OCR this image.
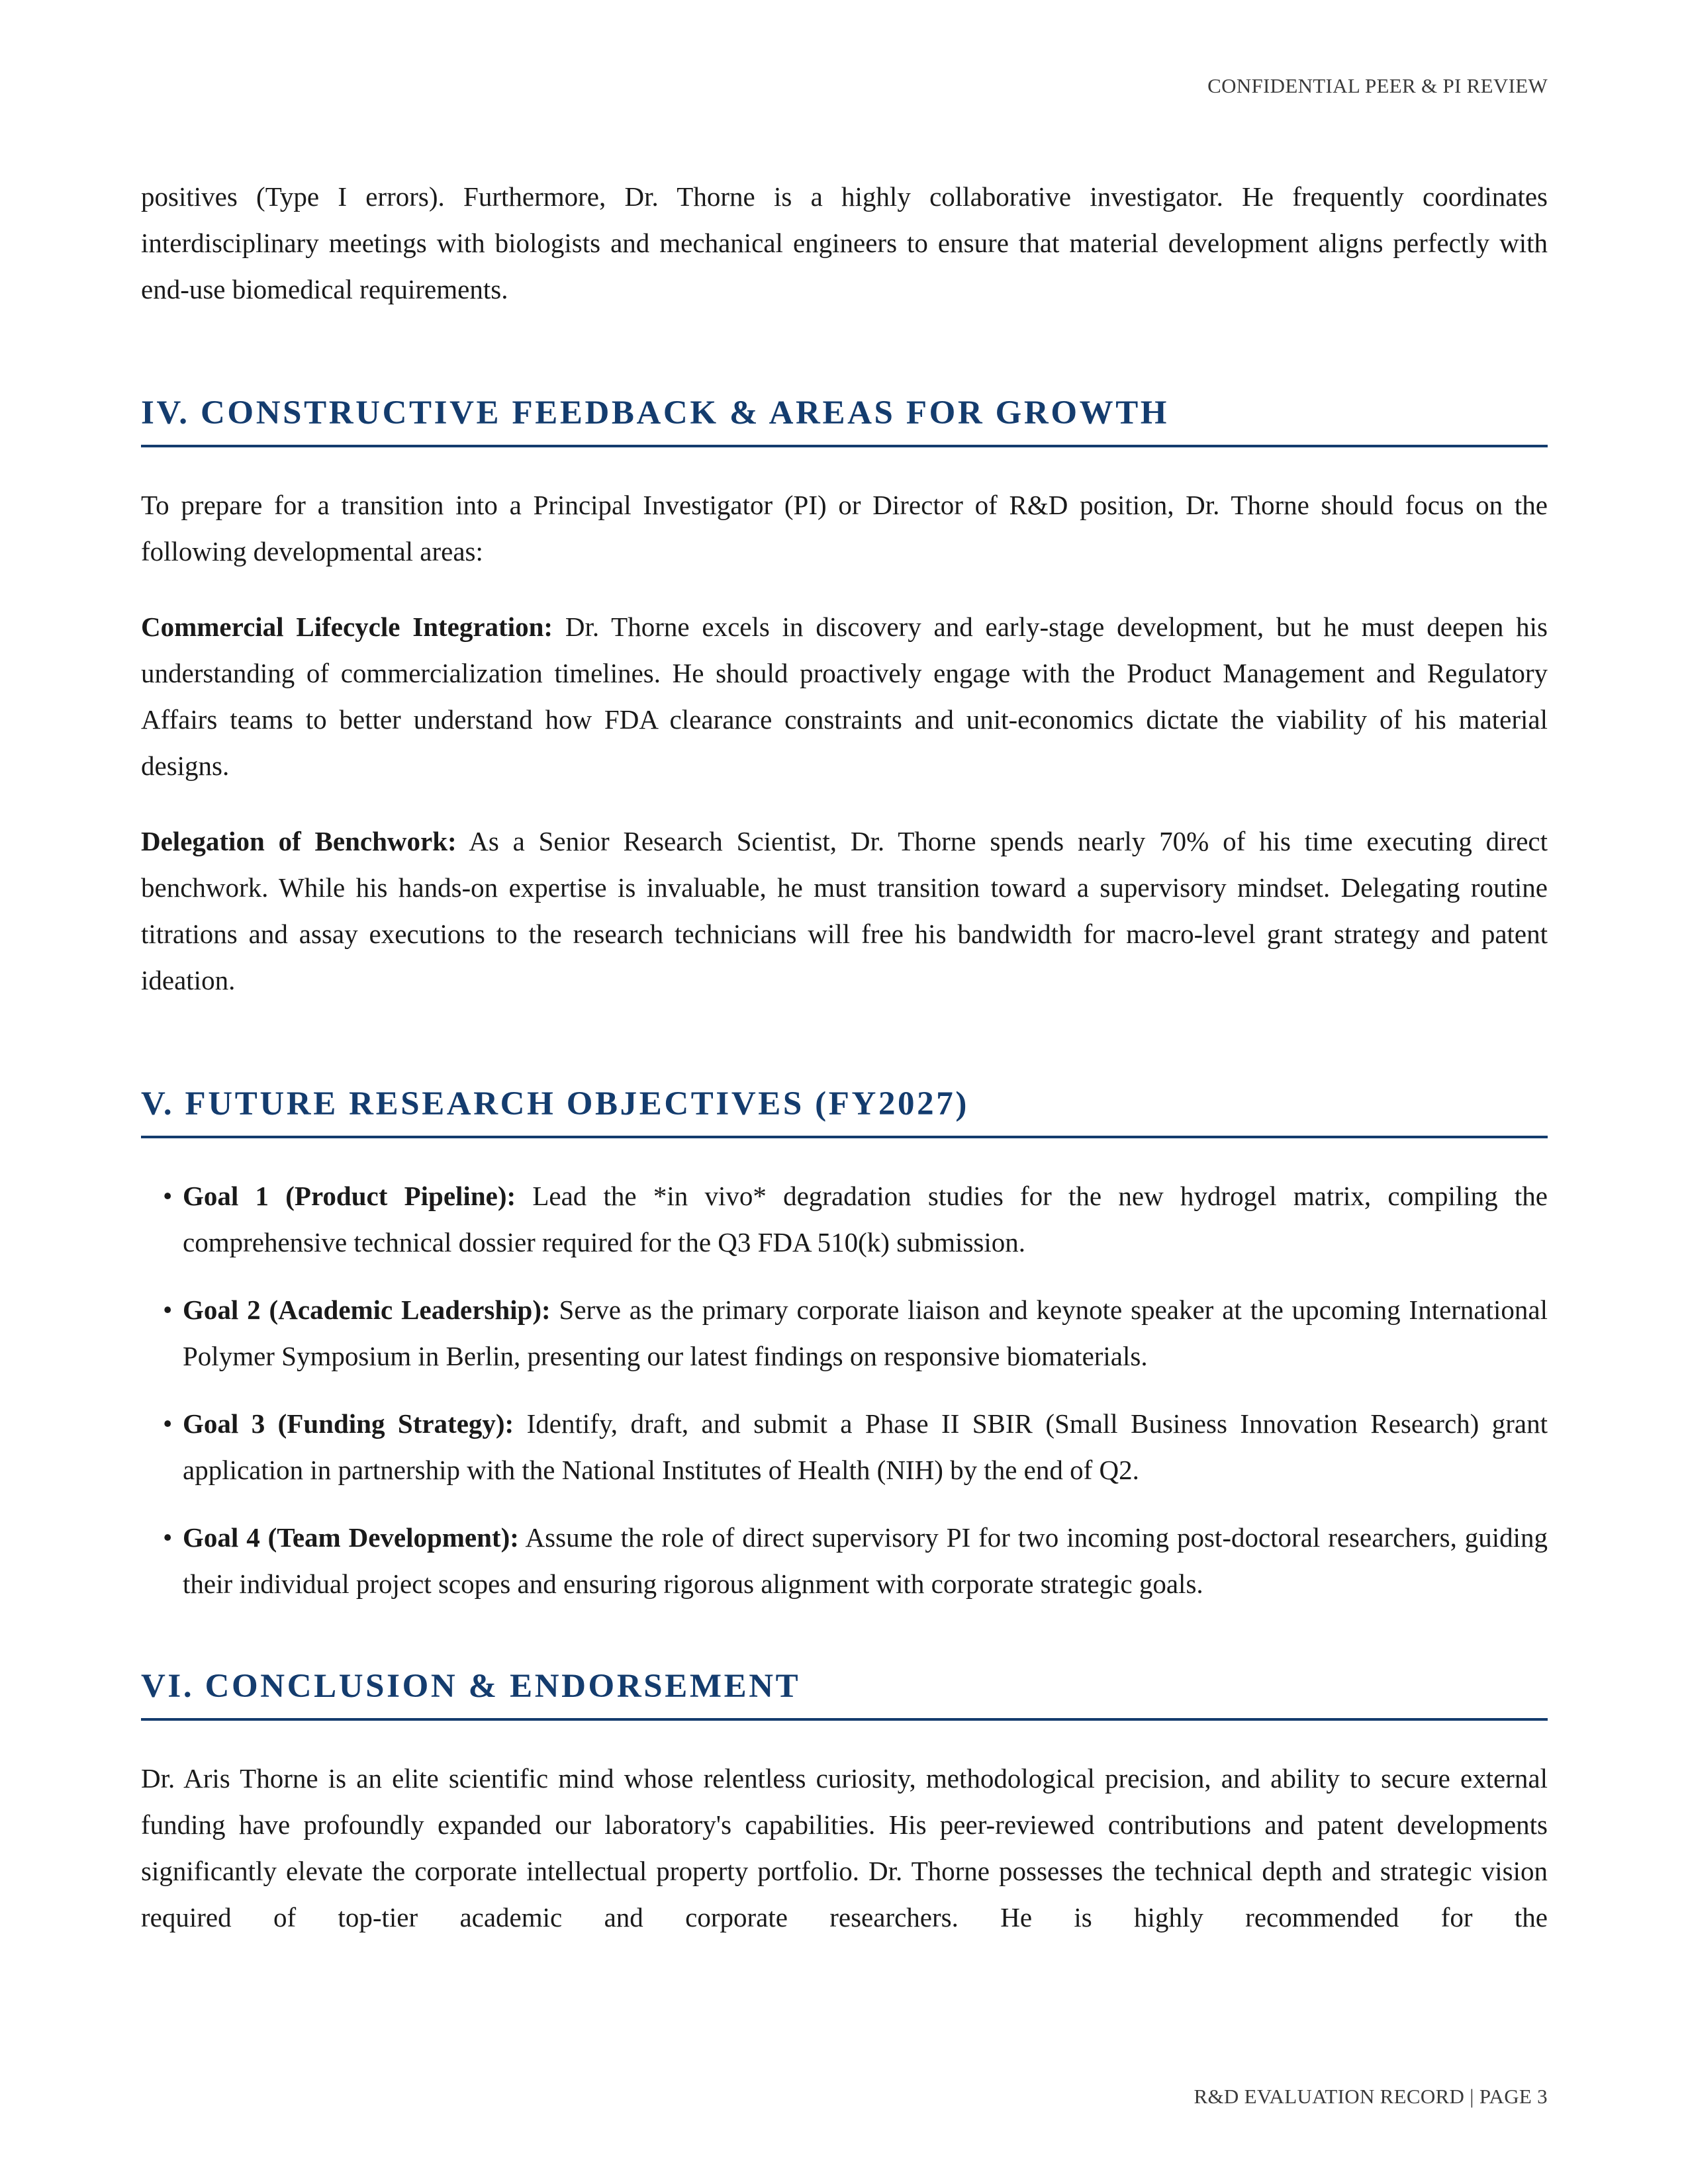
CONFIDENTIAL PEER & PI REVIEW

positives (Type I errors). Furthermore, Dr. Thorne is a highly collaborative investigator. He frequently coordinates interdisciplinary meetings with biologists and mechanical engineers to ensure that material development aligns perfectly with end-use biomedical requirements.

IV. CONSTRUCTIVE FEEDBACK & AREAS FOR GROWTH

To prepare for a transition into a Principal Investigator (PI) or Director of R&D position, Dr. Thorne should focus on the following developmental areas:

Commercial Lifecycle Integration: Dr. Thorne excels in discovery and early-stage development, but he must deepen his understanding of commercialization timelines. He should proactively engage with the Product Management and Regulatory Affairs teams to better understand how FDA clearance constraints and unit-economics dictate the viability of his material designs.

Delegation of Benchwork: As a Senior Research Scientist, Dr. Thorne spends nearly 70% of his time executing direct benchwork. While his hands-on expertise is invaluable, he must transition toward a supervisory mindset. Delegating routine titrations and assay executions to the research technicians will free his bandwidth for macro-level grant strategy and patent ideation.

V. FUTURE RESEARCH OBJECTIVES (FY2027)
• Goal 1 (Product Pipeline): Lead the *in vivo* degradation studies for the new hydrogel matrix, compiling the comprehensive technical dossier required for the Q3 FDA 510(k) submission.
• Goal 2 (Academic Leadership): Serve as the primary corporate liaison and keynote speaker at the upcoming International Polymer Symposium in Berlin, presenting our latest findings on responsive biomaterials.
• Goal 3 (Funding Strategy): Identify, draft, and submit a Phase II SBIR (Small Business Innovation Research) grant application in partnership with the National Institutes of Health (NIH) by the end of Q2.
• Goal 4 (Team Development): Assume the role of direct supervisory PI for two incoming post-doctoral researchers, guiding their individual project scopes and ensuring rigorous alignment with corporate strategic goals.
VI. CONCLUSION & ENDORSEMENT

Dr. Aris Thorne is an elite scientific mind whose relentless curiosity, methodological precision, and ability to secure external funding have profoundly expanded our laboratory's capabilities. His peer-reviewed contributions and patent developments significantly elevate the corporate intellectual property portfolio. Dr. Thorne possesses the technical depth and strategic vision required of top-tier academic and corporate researchers. He is highly recommended for the

R&D EVALUATION RECORD | PAGE 3
